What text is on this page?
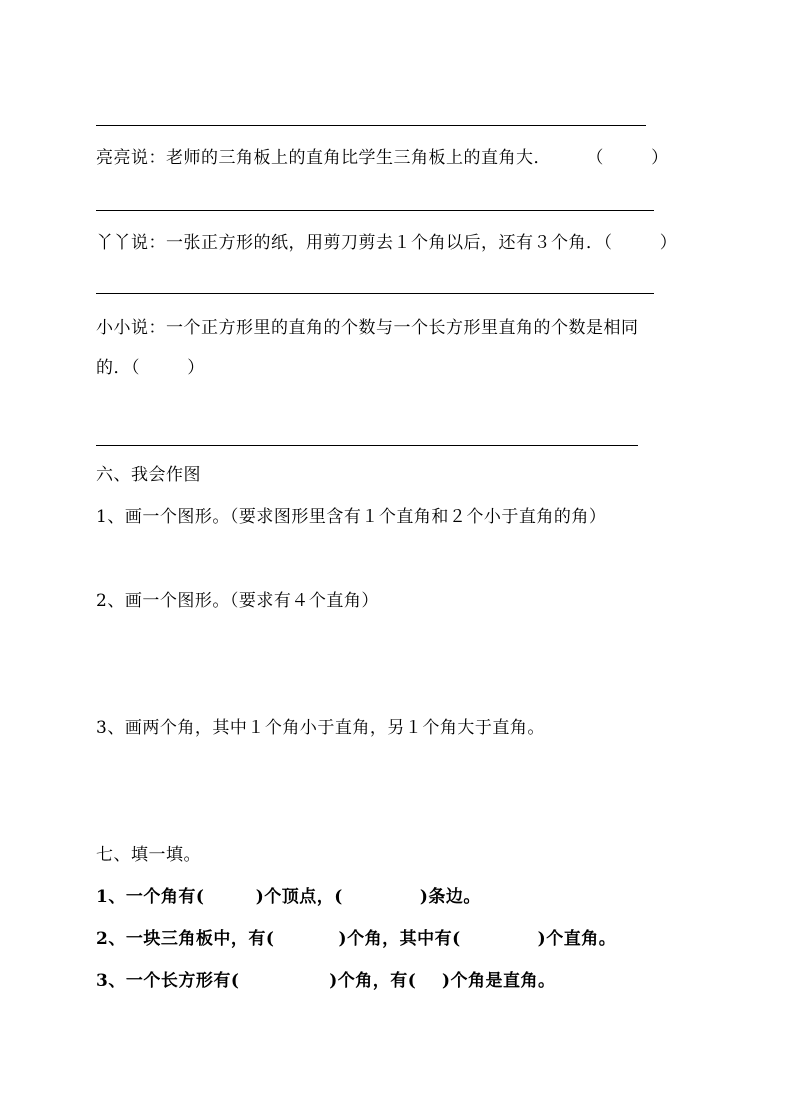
亮亮说：老师的三角板上的直角比学生三角板上的直角大．      （        ）
丫丫说：一张正方形的纸，用剪刀剪去１个角以后，还有３个角．（        ）
小小说：一个正方形里的直角的个数与一个长方形里直角的个数是相同
的．（        ）
六、我会作图
1、画一个图形。（要求图形里含有１个直角和２个小于直角的角）
2、画一个图形。（要求有４个直角）
3、画两个角，其中１个角小于直角，另１个角大于直角。
七、填一填。
1、一个角有(        )个顶点，(            )条边。
2、一块三角板中，有(          )个角，其中有(            )个直角。
3、一个长方形有(              )个角，有(    )个角是直角。
